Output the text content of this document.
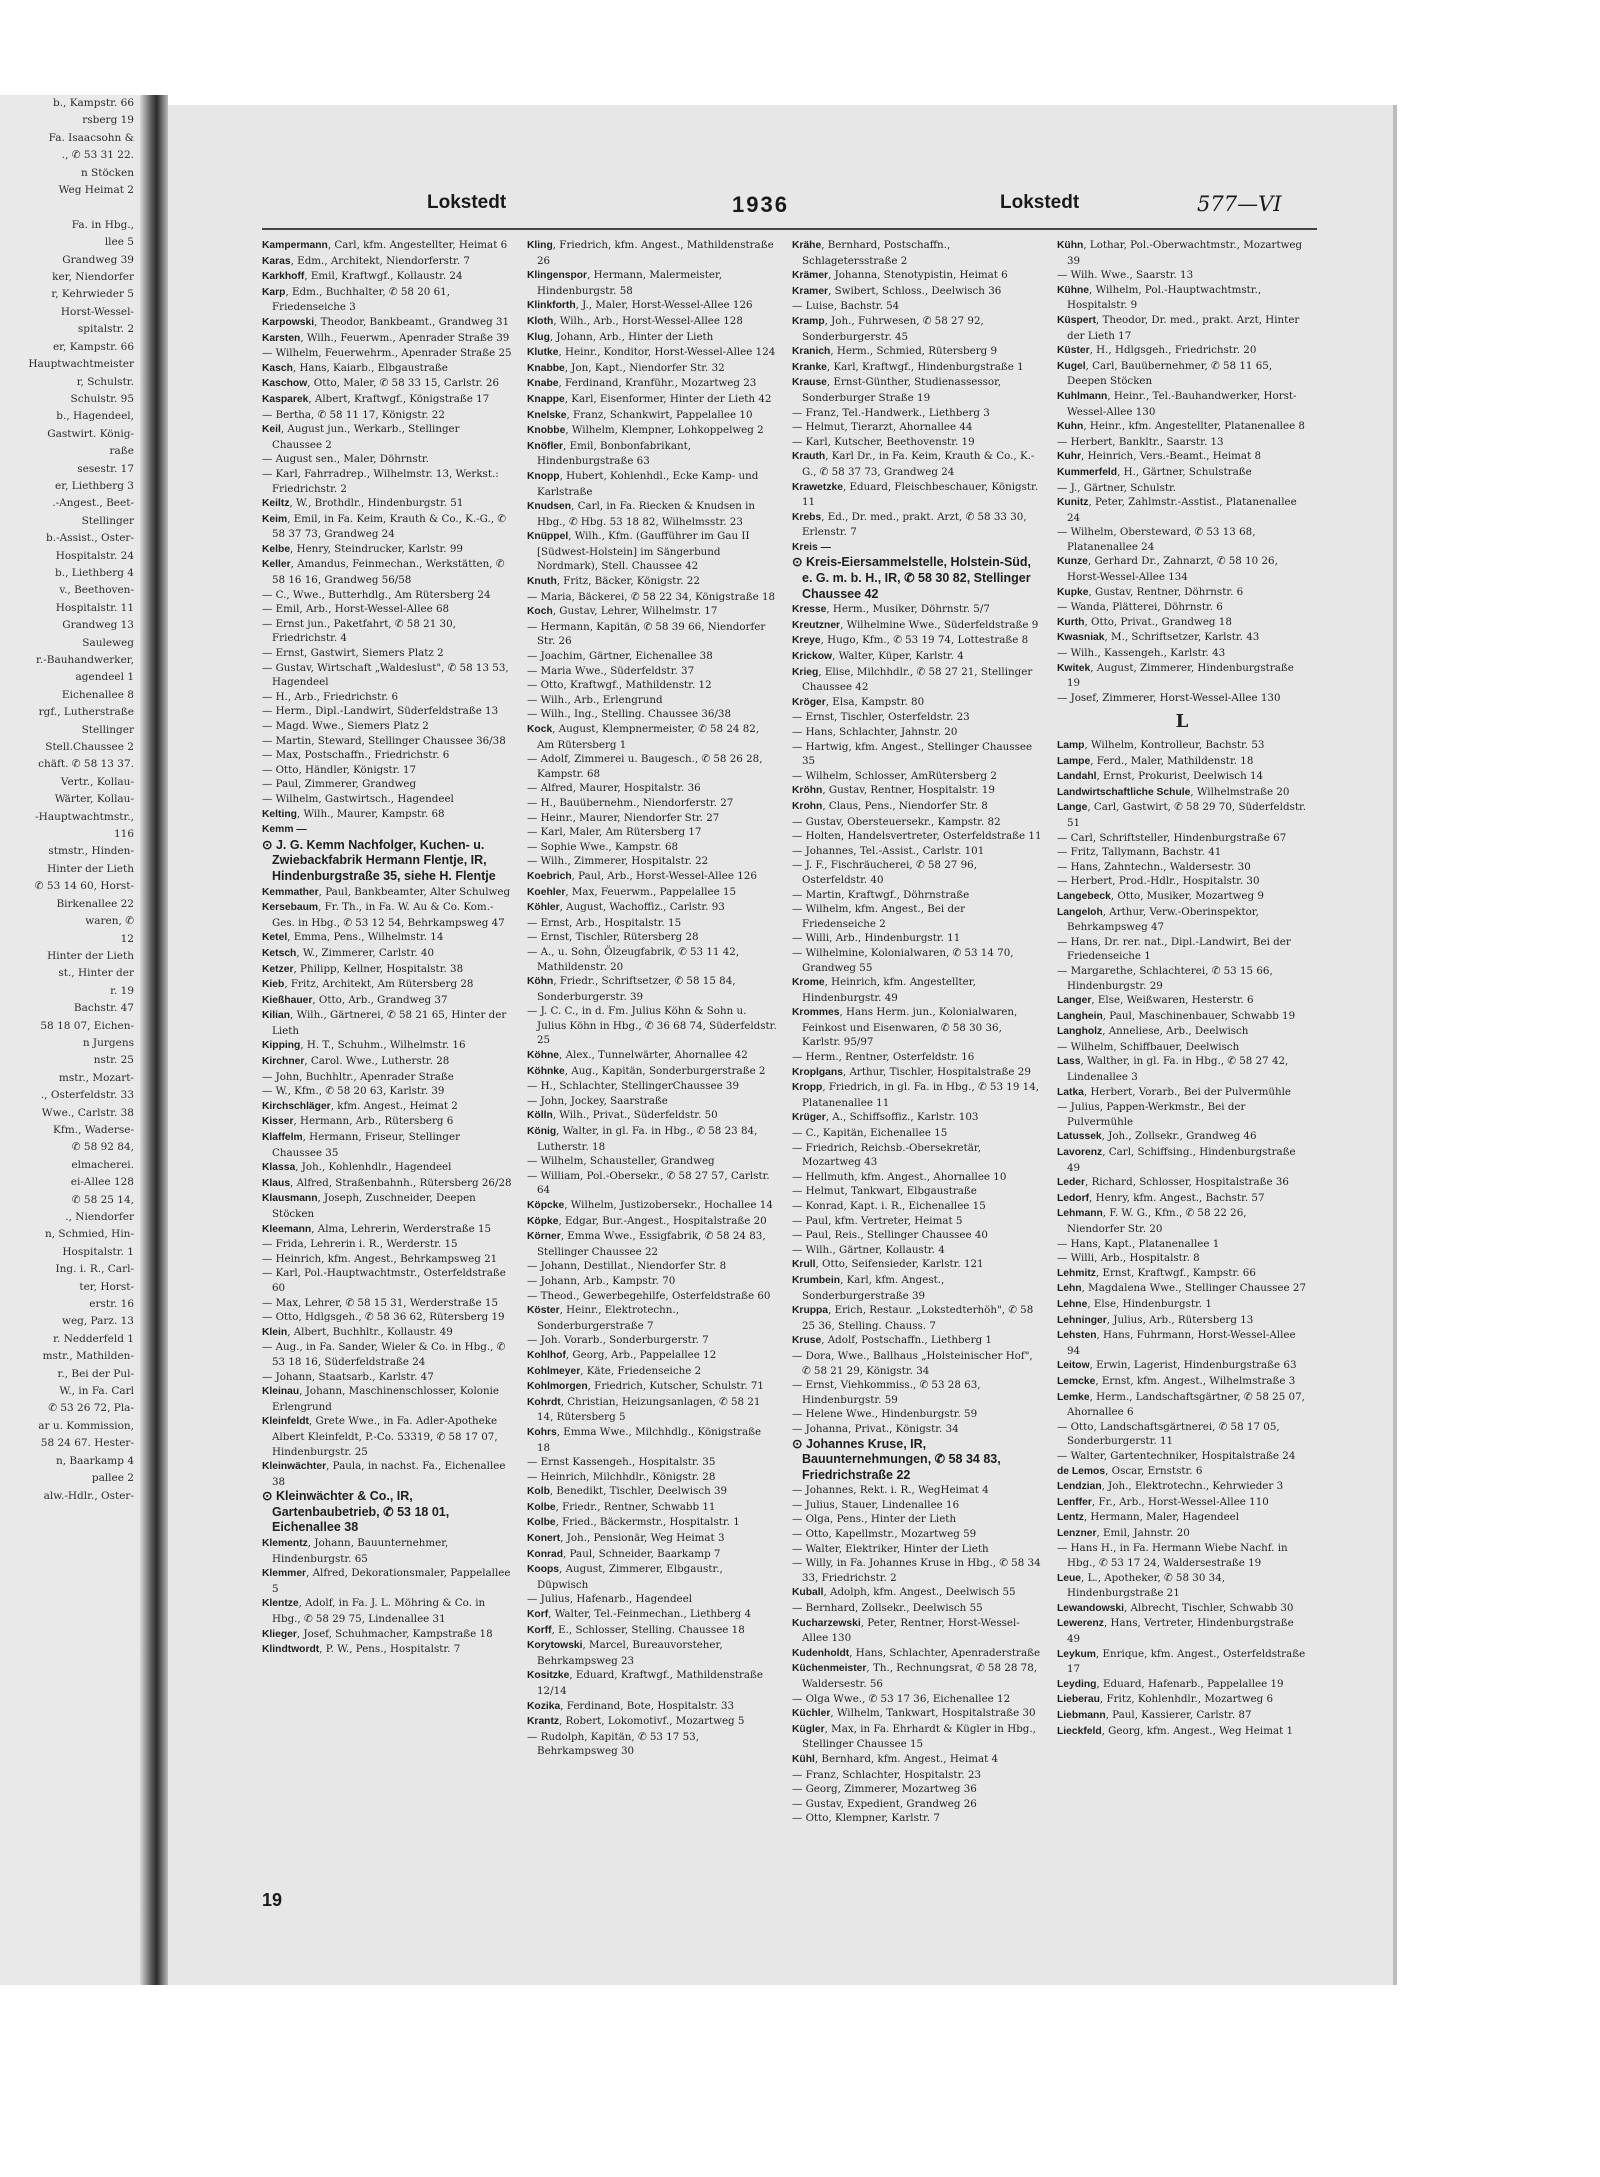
b., Kampstr. 66
rsberg 19
Fa. Isaacsohn &
., ✆ 53 31 22.
n Stöcken
Weg Heimat 2

Fa. in Hbg.,
llee 5
Grandweg 39
ker, Niendorfer
r, Kehrwieder 5
Horst-Wessel-
spitalstr. 2
er, Kampstr. 66
Hauptwachtmeister
r, Schulstr.
Schulstr. 95
b., Hagendeel,
Gastwirt. König-
raße
sesestr. 17
er, Liethberg 3
.-Angest., Beet-
Stellinger
b.-Assist., Oster-
Hospitalstr. 24
b., Liethberg 4
v., Beethoven-
Hospitalstr. 11
Grandweg 13
Sauleweg
r.-Bauhandwerker,
agendeel 1
Eichenallee 8
rgf., Lutherstraße
Stellinger
Stell.Chaussee 2
chäft. ✆ 58 13 37.
Vertr., Kollau-
Wärter, Kollau-
-Hauptwachtmstr.,
116
stmstr., Hinden-
Hinter der Lieth
✆ 53 14 60, Horst-
Birkenallee 22
waren, ✆
12
Hinter der Lieth
st., Hinter der
r. 19
Bachstr. 47
58 18 07, Eichen-
n Jurgens
nstr. 25
mstr., Mozart-
., Osterfeldstr. 33
Wwe., Carlstr. 38
Kfm., Waderse-
✆ 58 92 84,
elmacherei.
ei-Allee 128
✆ 58 25 14,
., Niendorfer
n, Schmied, Hin-
Hospitalstr. 1
Ing. i. R., Carl-
ter, Horst-
erstr. 16
weg, Parz. 13
r. Nedderfeld 1
mstr., Mathilden-
r., Bei der Pul-
W., in Fa. Carl
✆ 53 26 72, Pla-
ar u. Kommission,
58 24 67. Hester-
n, Baarkamp 4
pallee 2
alw.-Hdlr., Oster-
Lokstedt	1936	Lokstedt	577—VI

Kampermann, Carl, kfm. Angestellter, Heimat 6

Karas, Edm., Architekt, Niendorferstr. 7

Karkhoff, Emil, Kraftwgf., Kollaustr. 24

Karp, Edm., Buchhalter, ✆ 58 20 61, Friedenseiche 3

Karpowski, Theodor, Bankbeamt., Grandweg 31

Karsten, Wilh., Feuerwm., Apenrader Straße 39

— Wilhelm, Feuerwehrm., Apenrader Straße 25

Kasch, Hans, Kaiarb., Elbgaustraße

Kaschow, Otto, Maler, ✆ 58 33 15, Carlstr. 26

Kasparek, Albert, Kraftwgf., Königstraße 17

— Bertha, ✆ 58 11 17, Königstr. 22

Keil, August jun., Werkarb., Stellinger Chaussee 2

— August sen., Maler, Döhrnstr.

— Karl, Fahrradrep., Wilhelmstr. 13, Werkst.: Friedrichstr. 2

Keiltz, W., Brothdlr., Hindenburgstr. 51

Keim, Emil, in Fa. Keim, Krauth & Co., K.-G., ✆ 58 37 73, Grandweg 24

Kelbe, Henry, Steindrucker, Karlstr. 99

Keller, Amandus, Feinmechan., Werkstätten, ✆ 58 16 16, Grandweg 56/58

— C., Wwe., Butterhdlg., Am Rütersberg 24

— Emil, Arb., Horst-Wessel-Allee 68

— Ernst jun., Paketfahrt, ✆ 58 21 30, Friedrichstr. 4

— Ernst, Gastwirt, Siemers Platz 2

— Gustav, Wirtschaft „Waldeslust", ✆ 58 13 53, Hagendeel

— H., Arb., Friedrichstr. 6

— Herm., Dipl.-Landwirt, Süderfeldstraße 13

— Magd. Wwe., Siemers Platz 2

— Martin, Steward, Stellinger Chaussee 36/38

— Max, Postschaffn., Friedrichstr. 6

— Otto, Händler, Königstr. 17

— Paul, Zimmerer, Grandweg

— Wilhelm, Gastwirtsch., Hagendeel

Kelting, Wilh., Maurer, Kampstr. 68

Kemm —

⊙ J. G. Kemm Nachfolger, Kuchen- u. Zwiebackfabrik Hermann Flentje, IR, Hindenburgstraße 35, siehe H. Flentje

Kemmather, Paul, Bankbeamter, Alter Schulweg

Kersebaum, Fr. Th., in Fa. W. Au & Co. Kom.-Ges. in Hbg., ✆ 53 12 54, Behrkampsweg 47

Ketel, Emma, Pens., Wilhelmstr. 14

Ketsch, W., Zimmerer, Carlstr. 40

Ketzer, Philipp, Kellner, Hospitalstr. 38

Kieb, Fritz, Architekt, Am Rütersberg 28

Kießhauer, Otto, Arb., Grandweg 37

Kilian, Wilh., Gärtnerei, ✆ 58 21 65, Hinter der Lieth

Kipping, H. T., Schuhm., Wilhelmstr. 16

Kirchner, Carol. Wwe., Lutherstr. 28

— John, Buchhltr., Apenrader Straße

— W., Kfm., ✆ 58 20 63, Karlstr. 39

Kirchschläger, kfm. Angest., Heimat 2

Kisser, Hermann, Arb., Rütersberg 6

Klaffelm, Hermann, Friseur, Stellinger Chaussee 35

Klassa, Joh., Kohlenhdlr., Hagendeel

Klaus, Alfred, Straßenbahnh., Rütersberg 26/28

Klausmann, Joseph, Zuschneider, Deepen Stöcken

Kleemann, Alma, Lehrerin, Werderstraße 15

— Frida, Lehrerin i. R., Werderstr. 15

— Heinrich, kfm. Angest., Behrkampsweg 21

— Karl, Pol.-Hauptwachtmstr., Osterfeldstraße 60

— Max, Lehrer, ✆ 58 15 31, Werderstraße 15

— Otto, Hdlgsgeh., ✆ 58 36 62, Rütersberg 19

Klein, Albert, Buchhltr., Kollaustr. 49

— Aug., in Fa. Sander, Wieler & Co. in Hbg., ✆ 53 18 16, Süderfeldstraße 24

— Johann, Staatsarb., Karlstr. 47

Kleinau, Johann, Maschinenschlosser, Kolonie Erlengrund

Kleinfeldt, Grete Wwe., in Fa. Adler-Apotheke Albert Kleinfeldt, P.-Co. 53319, ✆ 58 17 07, Hindenburgstr. 25

Kleinwächter, Paula, in nachst. Fa., Eichenallee 38

⊙ Kleinwächter & Co., IR, Gartenbaubetrieb, ✆ 53 18 01, Eichenallee 38

Klementz, Johann, Bauunternehmer, Hindenburgstr. 65

Klemmer, Alfred, Dekorationsmaler, Pappelallee 5

Klentze, Adolf, in Fa. J. L. Möhring & Co. in Hbg., ✆ 58 29 75, Lindenallee 31

Klieger, Josef, Schuhmacher, Kampstraße 18

Klindtwordt, P. W., Pens., Hospitalstr. 7

Kling, Friedrich, kfm. Angest., Mathildenstraße 26

Klingenspor, Hermann, Malermeister, Hindenburgstr. 58

Klinkforth, J., Maler, Horst-Wessel-Allee 126

Kloth, Wilh., Arb., Horst-Wessel-Allee 128

Klug, Johann, Arb., Hinter der Lieth

Klutke, Heinr., Konditor, Horst-Wessel-Allee 124

Knabbe, Jon, Kapt., Niendorfer Str. 32

Knabe, Ferdinand, Kranführ., Mozartweg 23

Knappe, Karl, Eisenformer, Hinter der Lieth 42

Knelske, Franz, Schankwirt, Pappelallee 10

Knobbe, Wilhelm, Klempner, Lohkoppelweg 2

Knöfler, Emil, Bonbonfabrikant, Hindenburgstraße 63

Knopp, Hubert, Kohlenhdl., Ecke Kamp- und Karlstraße

Knudsen, Carl, in Fa. Riecken & Knudsen in Hbg., ✆ Hbg. 53 18 82, Wilhelmsstr. 23

Knüppel, Wilh., Kfm. (Gaufführer im Gau II [Südwest-Holstein] im Sängerbund Nordmark), Stell. Chaussee 42

Knuth, Fritz, Bäcker, Königstr. 22

— Maria, Bäckerei, ✆ 58 22 34, Königstraße 18

Koch, Gustav, Lehrer, Wilhelmstr. 17

— Hermann, Kapitän, ✆ 58 39 66, Niendorfer Str. 26

— Joachim, Gärtner, Eichenallee 38

— Maria Wwe., Süderfeldstr. 37

— Otto, Kraftwgf., Mathildenstr. 12

— Wilh., Arb., Erlengrund

— Wilh., Ing., Stelling. Chaussee 36/38

Kock, August, Klempnermeister, ✆ 58 24 82, Am Rütersberg 1

— Adolf, Zimmerei u. Baugesch., ✆ 58 26 28, Kampstr. 68

— Alfred, Maurer, Hospitalstr. 36

— H., Bauübernehm., Niendorferstr. 27

— Heinr., Maurer, Niendorfer Str. 27

— Karl, Maler, Am Rütersberg 17

— Sophie Wwe., Kampstr. 68

— Wilh., Zimmerer, Hospitalstr. 22

Koebrich, Paul, Arb., Horst-Wessel-Allee 126

Koehler, Max, Feuerwm., Pappelallee 15

Köhler, August, Wachoffiz., Carlstr. 93

— Ernst, Arb., Hospitalstr. 15

— Ernst, Tischler, Rütersberg 28

— A., u. Sohn, Ölzeugfabrik, ✆ 53 11 42, Mathildenstr. 20

Köhn, Friedr., Schriftsetzer, ✆ 58 15 84, Sonderburgerstr. 39

— J. C. C., in d. Fm. Julius Köhn & Sohn u. Julius Köhn in Hbg., ✆ 36 68 74, Süderfeldstr. 25

Köhne, Alex., Tunnelwärter, Ahornallee 42

Köhnke, Aug., Kapitän, Sonderburgerstraße 2

— H., Schlachter, StellingerChaussee 39

— John, Jockey, Saarstraße

Kölln, Wilh., Privat., Süderfeldstr. 50

König, Walter, in gl. Fa. in Hbg., ✆ 58 23 84, Lutherstr. 18

— Wilhelm, Schausteller, Grandweg

— William, Pol.-Obersekr., ✆ 58 27 57, Carlstr. 64

Köpcke, Wilhelm, Justizobersekr., Hochallee 14

Köpke, Edgar, Bur.-Angest., Hospitalstraße 20

Körner, Emma Wwe., Essigfabrik, ✆ 58 24 83, Stellinger Chaussee 22

— Johann, Destillat., Niendorfer Str. 8

— Johann, Arb., Kampstr. 70

— Theod., Gewerbegehilfe, Osterfeldstraße 60

Köster, Heinr., Elektrotechn., Sonderburgerstraße 7

— Joh. Vorarb., Sonderburgerstr. 7

Kohlhof, Georg, Arb., Pappelallee 12

Kohlmeyer, Käte, Friedenseiche 2

Kohlmorgen, Friedrich, Kutscher, Schulstr. 71

Kohrdt, Christian, Heizungsanlagen, ✆ 58 21 14, Rütersberg 5

Kohrs, Emma Wwe., Milchhdlg., Königstraße 18

— Ernst Kassengeh., Hospitalstr. 35

— Heinrich, Milchhdlr., Königstr. 28

Kolb, Benedikt, Tischler, Deelwisch 39

Kolbe, Friedr., Rentner, Schwabb 11

Kolbe, Fried., Bäckermstr., Hospitalstr. 1

Konert, Joh., Pensionär, Weg Heimat 3

Konrad, Paul, Schneider, Baarkamp 7

Koops, August, Zimmerer, Elbgaustr., Düpwisch

— Julius, Hafenarb., Hagendeel

Korf, Walter, Tel.-Feinmechan., Liethberg 4

Korff, E., Schlosser, Stelling. Chaussee 18

Korytowski, Marcel, Bureauvorsteher, Behrkampsweg 23

Kositzke, Eduard, Kraftwgf., Mathildenstraße 12/14

Kozika, Ferdinand, Bote, Hospitalstr. 33

Krantz, Robert, Lokomotivf., Mozartweg 5

— Rudolph, Kapitän, ✆ 53 17 53, Behrkampsweg 30

Krähe, Bernhard, Postschaffn., Schlagetersstraße 2

Krämer, Johanna, Stenotypistin, Heimat 6

Kramer, Swibert, Schloss., Deelwisch 36

— Luise, Bachstr. 54

Kramp, Joh., Fuhrwesen, ✆ 58 27 92, Sonderburgerstr. 45

Kranich, Herm., Schmied, Rütersberg 9

Kranke, Karl, Kraftwgf., Hindenburgstraße 1

Krause, Ernst-Günther, Studienassessor, Sonderburger Straße 19

— Franz, Tel.-Handwerk., Liethberg 3

— Helmut, Tierarzt, Ahornallee 44

— Karl, Kutscher, Beethovenstr. 19

Krauth, Karl Dr., in Fa. Keim, Krauth & Co., K.-G., ✆ 58 37 73, Grandweg 24

Krawetzke, Eduard, Fleischbeschauer, Königstr. 11

Krebs, Ed., Dr. med., prakt. Arzt, ✆ 58 33 30, Erlenstr. 7

Kreis —

⊙ Kreis-Eiersammelstelle, Holstein-Süd, e. G. m. b. H., IR, ✆ 58 30 82, Stellinger Chaussee 42

Kresse, Herm., Musiker, Döhrnstr. 5/7

Kreutzner, Wilhelmine Wwe., Süderfeldstraße 9

Kreye, Hugo, Kfm., ✆ 53 19 74, Lottestraße 8

Krickow, Walter, Küper, Karlstr. 4

Krieg, Elise, Milchhdlr., ✆ 58 27 21, Stellinger Chaussee 42

Kröger, Elsa, Kampstr. 80

— Ernst, Tischler, Osterfeldstr. 23

— Hans, Schlachter, Jahnstr. 20

— Hartwig, kfm. Angest., Stellinger Chaussee 35

— Wilhelm, Schlosser, AmRütersberg 2

Kröhn, Gustav, Rentner, Hospitalstr. 19

Krohn, Claus, Pens., Niendorfer Str. 8

— Gustav, Obersteuersekr., Kampstr. 82

— Holten, Handelsvertreter, Osterfeldstraße 11

— Johannes, Tel.-Assist., Carlstr. 101

— J. F., Fischräucherei, ✆ 58 27 96, Osterfeldstr. 40

— Martin, Kraftwgf., Döhrnstraße

— Wilhelm, kfm. Angest., Bei der Friedenseiche 2

— Willi, Arb., Hindenburgstr. 11

— Wilhelmine, Kolonialwaren, ✆ 53 14 70, Grandweg 55

Krome, Heinrich, kfm. Angestellter, Hindenburgstr. 49

Krommes, Hans Herm. jun., Kolonialwaren, Feinkost und Eisenwaren, ✆ 58 30 36, Karlstr. 95/97

— Herm., Rentner, Osterfeldstr. 16

Kroplgans, Arthur, Tischler, Hospitalstraße 29

Kropp, Friedrich, in gl. Fa. in Hbg., ✆ 53 19 14, Platanenallee 11

Krüger, A., Schiffsoffiz., Karlstr. 103

— C., Kapitän, Eichenallee 15

— Friedrich, Reichsb.-Obersekretär, Mozartweg 43

— Hellmuth, kfm. Angest., Ahornallee 10

— Helmut, Tankwart, Elbgaustraße

— Konrad, Kapt. i. R., Eichenallee 15

— Paul, kfm. Vertreter, Heimat 5

— Paul, Reis., Stellinger Chaussee 40

— Wilh., Gärtner, Kollaustr. 4

Krull, Otto, Seifensieder, Karlstr. 121

Krumbein, Karl, kfm. Angest., Sonderburgerstraße 39

Kruppa, Erich, Restaur. „Lokstedterhöh", ✆ 58 25 36, Stelling. Chauss. 7

Kruse, Adolf, Postschaffn., Liethberg 1

— Dora, Wwe., Ballhaus „Holsteinischer Hof", ✆ 58 21 29, Königstr. 34

— Ernst, Viehkommiss., ✆ 53 28 63, Hindenburgstr. 59

— Helene Wwe., Hindenburgstr. 59

— Johanna, Privat., Königstr. 34

⊙ Johannes Kruse, IR, Bauunternehmungen, ✆ 58 34 83, Friedrichstraße 22

— Johannes, Rekt. i. R., WegHeimat 4

— Julius, Stauer, Lindenallee 16

— Olga, Pens., Hinter der Lieth

— Otto, Kapellmstr., Mozartweg 59

— Walter, Elektriker, Hinter der Lieth

— Willy, in Fa. Johannes Kruse in Hbg., ✆ 58 34 33, Friedrichstr. 2

Kuball, Adolph, kfm. Angest., Deelwisch 55

— Bernhard, Zollsekr., Deelwisch 55

Kucharzewski, Peter, Rentner, Horst-Wessel-Allee 130

Kudenholdt, Hans, Schlachter, Apenraderstraße

Küchenmeister, Th., Rechnungsrat, ✆ 58 28 78, Waldersestr. 56

— Olga Wwe., ✆ 53 17 36, Eichenallee 12

Küchler, Wilhelm, Tankwart, Hospitalstraße 30

Kügler, Max, in Fa. Ehrhardt & Kügler in Hbg., Stellinger Chaussee 15

Kühl, Bernhard, kfm. Angest., Heimat 4

— Franz, Schlachter, Hospitalstr. 23

— Georg, Zimmerer, Mozartweg 36

— Gustav, Expedient, Grandweg 26

— Otto, Klempner, Karlstr. 7

Kühn, Lothar, Pol.-Oberwachtmstr., Mozartweg 39

— Wilh. Wwe., Saarstr. 13

Kühne, Wilhelm, Pol.-Hauptwachtmstr., Hospitalstr. 9

Küspert, Theodor, Dr. med., prakt. Arzt, Hinter der Lieth 17

Küster, H., Hdlgsgeh., Friedrichstr. 20

Kugel, Carl, Bauübernehmer, ✆ 58 11 65, Deepen Stöcken

Kuhlmann, Heinr., Tel.-Bauhandwerker, Horst-Wessel-Allee 130

Kuhn, Heinr., kfm. Angestellter, Platanenallee 8

— Herbert, Bankltr., Saarstr. 13

Kuhr, Heinrich, Vers.-Beamt., Heimat 8

Kummerfeld, H., Gärtner, Schulstraße

— J., Gärtner, Schulstr.

Kunitz, Peter, Zahlmstr.-Asstist., Platanenallee 24

— Wilhelm, Obersteward, ✆ 53 13 68, Platanenallee 24

Kunze, Gerhard Dr., Zahnarzt, ✆ 58 10 26, Horst-Wessel-Allee 134

Kupke, Gustav, Rentner, Döhrnstr. 6

— Wanda, Plätterei, Döhrnstr. 6

Kurth, Otto, Privat., Grandweg 18

Kwasniak, M., Schriftsetzer, Karlstr. 43

— Wilh., Kassengeh., Karlstr. 43

Kwitek, August, Zimmerer, Hindenburgstraße 19

— Josef, Zimmerer, Horst-Wessel-Allee 130

L

Lamp, Wilhelm, Kontrolleur, Bachstr. 53

Lampe, Ferd., Maler, Mathildenstr. 18

Landahl, Ernst, Prokurist, Deelwisch 14

Landwirtschaftliche Schule, Wilhelmstraße 20

Lange, Carl, Gastwirt, ✆ 58 29 70, Süderfeldstr. 51

— Carl, Schriftsteller, Hindenburgstraße 67

— Fritz, Tallymann, Bachstr. 41

— Hans, Zahntechn., Waldersestr. 30

— Herbert, Prod.-Hdlr., Hospitalstr. 30

Langebeck, Otto, Musiker, Mozartweg 9

Langeloh, Arthur, Verw.-Oberinspektor, Behrkampsweg 47

— Hans, Dr. rer. nat., Dipl.-Landwirt, Bei der Friedenseiche 1

— Margarethe, Schlachterei, ✆ 53 15 66, Hindenburgstr. 29

Langer, Else, Weißwaren, Hesterstr. 6

Langhein, Paul, Maschinenbauer, Schwabb 19

Langholz, Anneliese, Arb., Deelwisch

— Wilhelm, Schiffbauer, Deelwisch

Lass, Walther, in gl. Fa. in Hbg., ✆ 58 27 42, Lindenallee 3

Latka, Herbert, Vorarb., Bei der Pulvermühle

— Julius, Pappen-Werkmstr., Bei der Pulvermühle

Latussek, Joh., Zollsekr., Grandweg 46

Lavorenz, Carl, Schiffsing., Hindenburgstraße 49

Leder, Richard, Schlosser, Hospitalstraße 36

Ledorf, Henry, kfm. Angest., Bachstr. 57

Lehmann, F. W. G., Kfm., ✆ 58 22 26, Niendorfer Str. 20

— Hans, Kapt., Platanenallee 1

— Willi, Arb., Hospitalstr. 8

Lehmitz, Ernst, Kraftwgf., Kampstr. 66

Lehn, Magdalena Wwe., Stellinger Chaussee 27

Lehne, Else, Hindenburgstr. 1

Lehninger, Julius, Arb., Rütersberg 13

Lehsten, Hans, Fuhrmann, Horst-Wessel-Allee 94

Leitow, Erwin, Lagerist, Hindenburgstraße 63

Lemcke, Ernst, kfm. Angest., Wilhelmstraße 3

Lemke, Herm., Landschaftsgärtner, ✆ 58 25 07, Ahornallee 6

— Otto, Landschaftsgärtnerei, ✆ 58 17 05, Sonderburgerstr. 11

— Walter, Gartentechniker, Hospitalstraße 24

de Lemos, Oscar, Ernststr. 6

Lendzian, Joh., Elektrotechn., Kehrwieder 3

Lenffer, Fr., Arb., Horst-Wessel-Allee 110

Lentz, Hermann, Maler, Hagendeel

Lenzner, Emil, Jahnstr. 20

— Hans H., in Fa. Hermann Wiebe Nachf. in Hbg., ✆ 53 17 24, Waldersestraße 19

Leue, L., Apotheker, ✆ 58 30 34, Hindenburgstraße 21

Lewandowski, Albrecht, Tischler, Schwabb 30

Lewerenz, Hans, Vertreter, Hindenburgstraße 49

Leykum, Enrique, kfm. Angest., Osterfeldstraße 17

Leyding, Eduard, Hafenarb., Pappelallee 19

Lieberau, Fritz, Kohlenhdlr., Mozartweg 6

Liebmann, Paul, Kassierer, Carlstr. 87

Lieckfeld, Georg, kfm. Angest., Weg Heimat 1

19
